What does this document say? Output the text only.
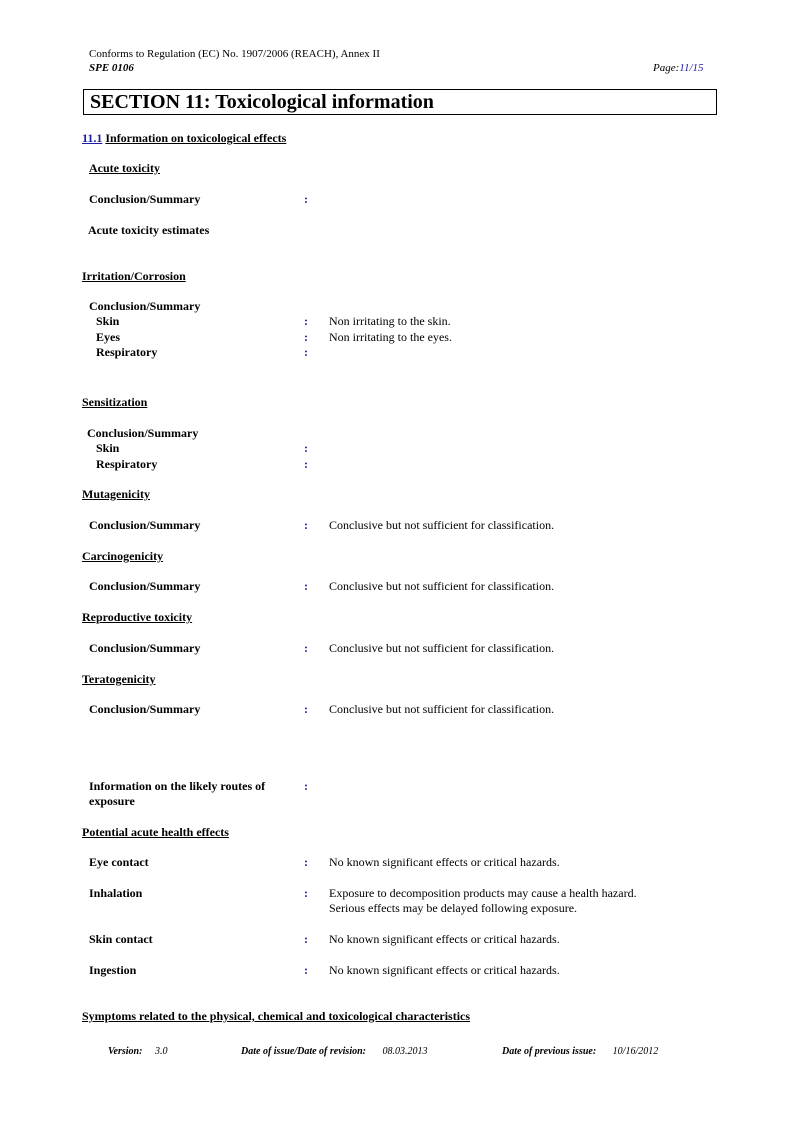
Conforms to Regulation (EC) No. 1907/2006 (REACH), Annex II
SPE 0106	Page:11/15
SECTION 11: Toxicological information
11.1 Information on toxicological effects
Acute toxicity
Conclusion/Summary	:
Acute toxicity estimates
Irritation/Corrosion
Conclusion/Summary
Skin	: Non irritating to the skin.
Eyes	: Non irritating to the eyes.
Respiratory	:
Sensitization
Conclusion/Summary
Skin	:
Respiratory	:
Mutagenicity
Conclusion/Summary	: Conclusive but not sufficient for classification.
Carcinogenicity
Conclusion/Summary	: Conclusive but not sufficient for classification.
Reproductive toxicity
Conclusion/Summary	: Conclusive but not sufficient for classification.
Teratogenicity
Conclusion/Summary	: Conclusive but not sufficient for classification.
Information on the likely routes of
exposure
:
Potential acute health effects
Eye contact	: No known significant effects or critical hazards.
Inhalation	: Exposure to decomposition products may cause a health hazard.
Serious effects may be delayed following exposure.
Skin contact	: No known significant effects or critical hazards.
Ingestion	: No known significant effects or critical hazards.
Symptoms related to the physical, chemical and toxicological characteristics
Version: 3.0	Date of issue/Date of revision: 08.03.2013	Date of previous issue: 10/16/2012
